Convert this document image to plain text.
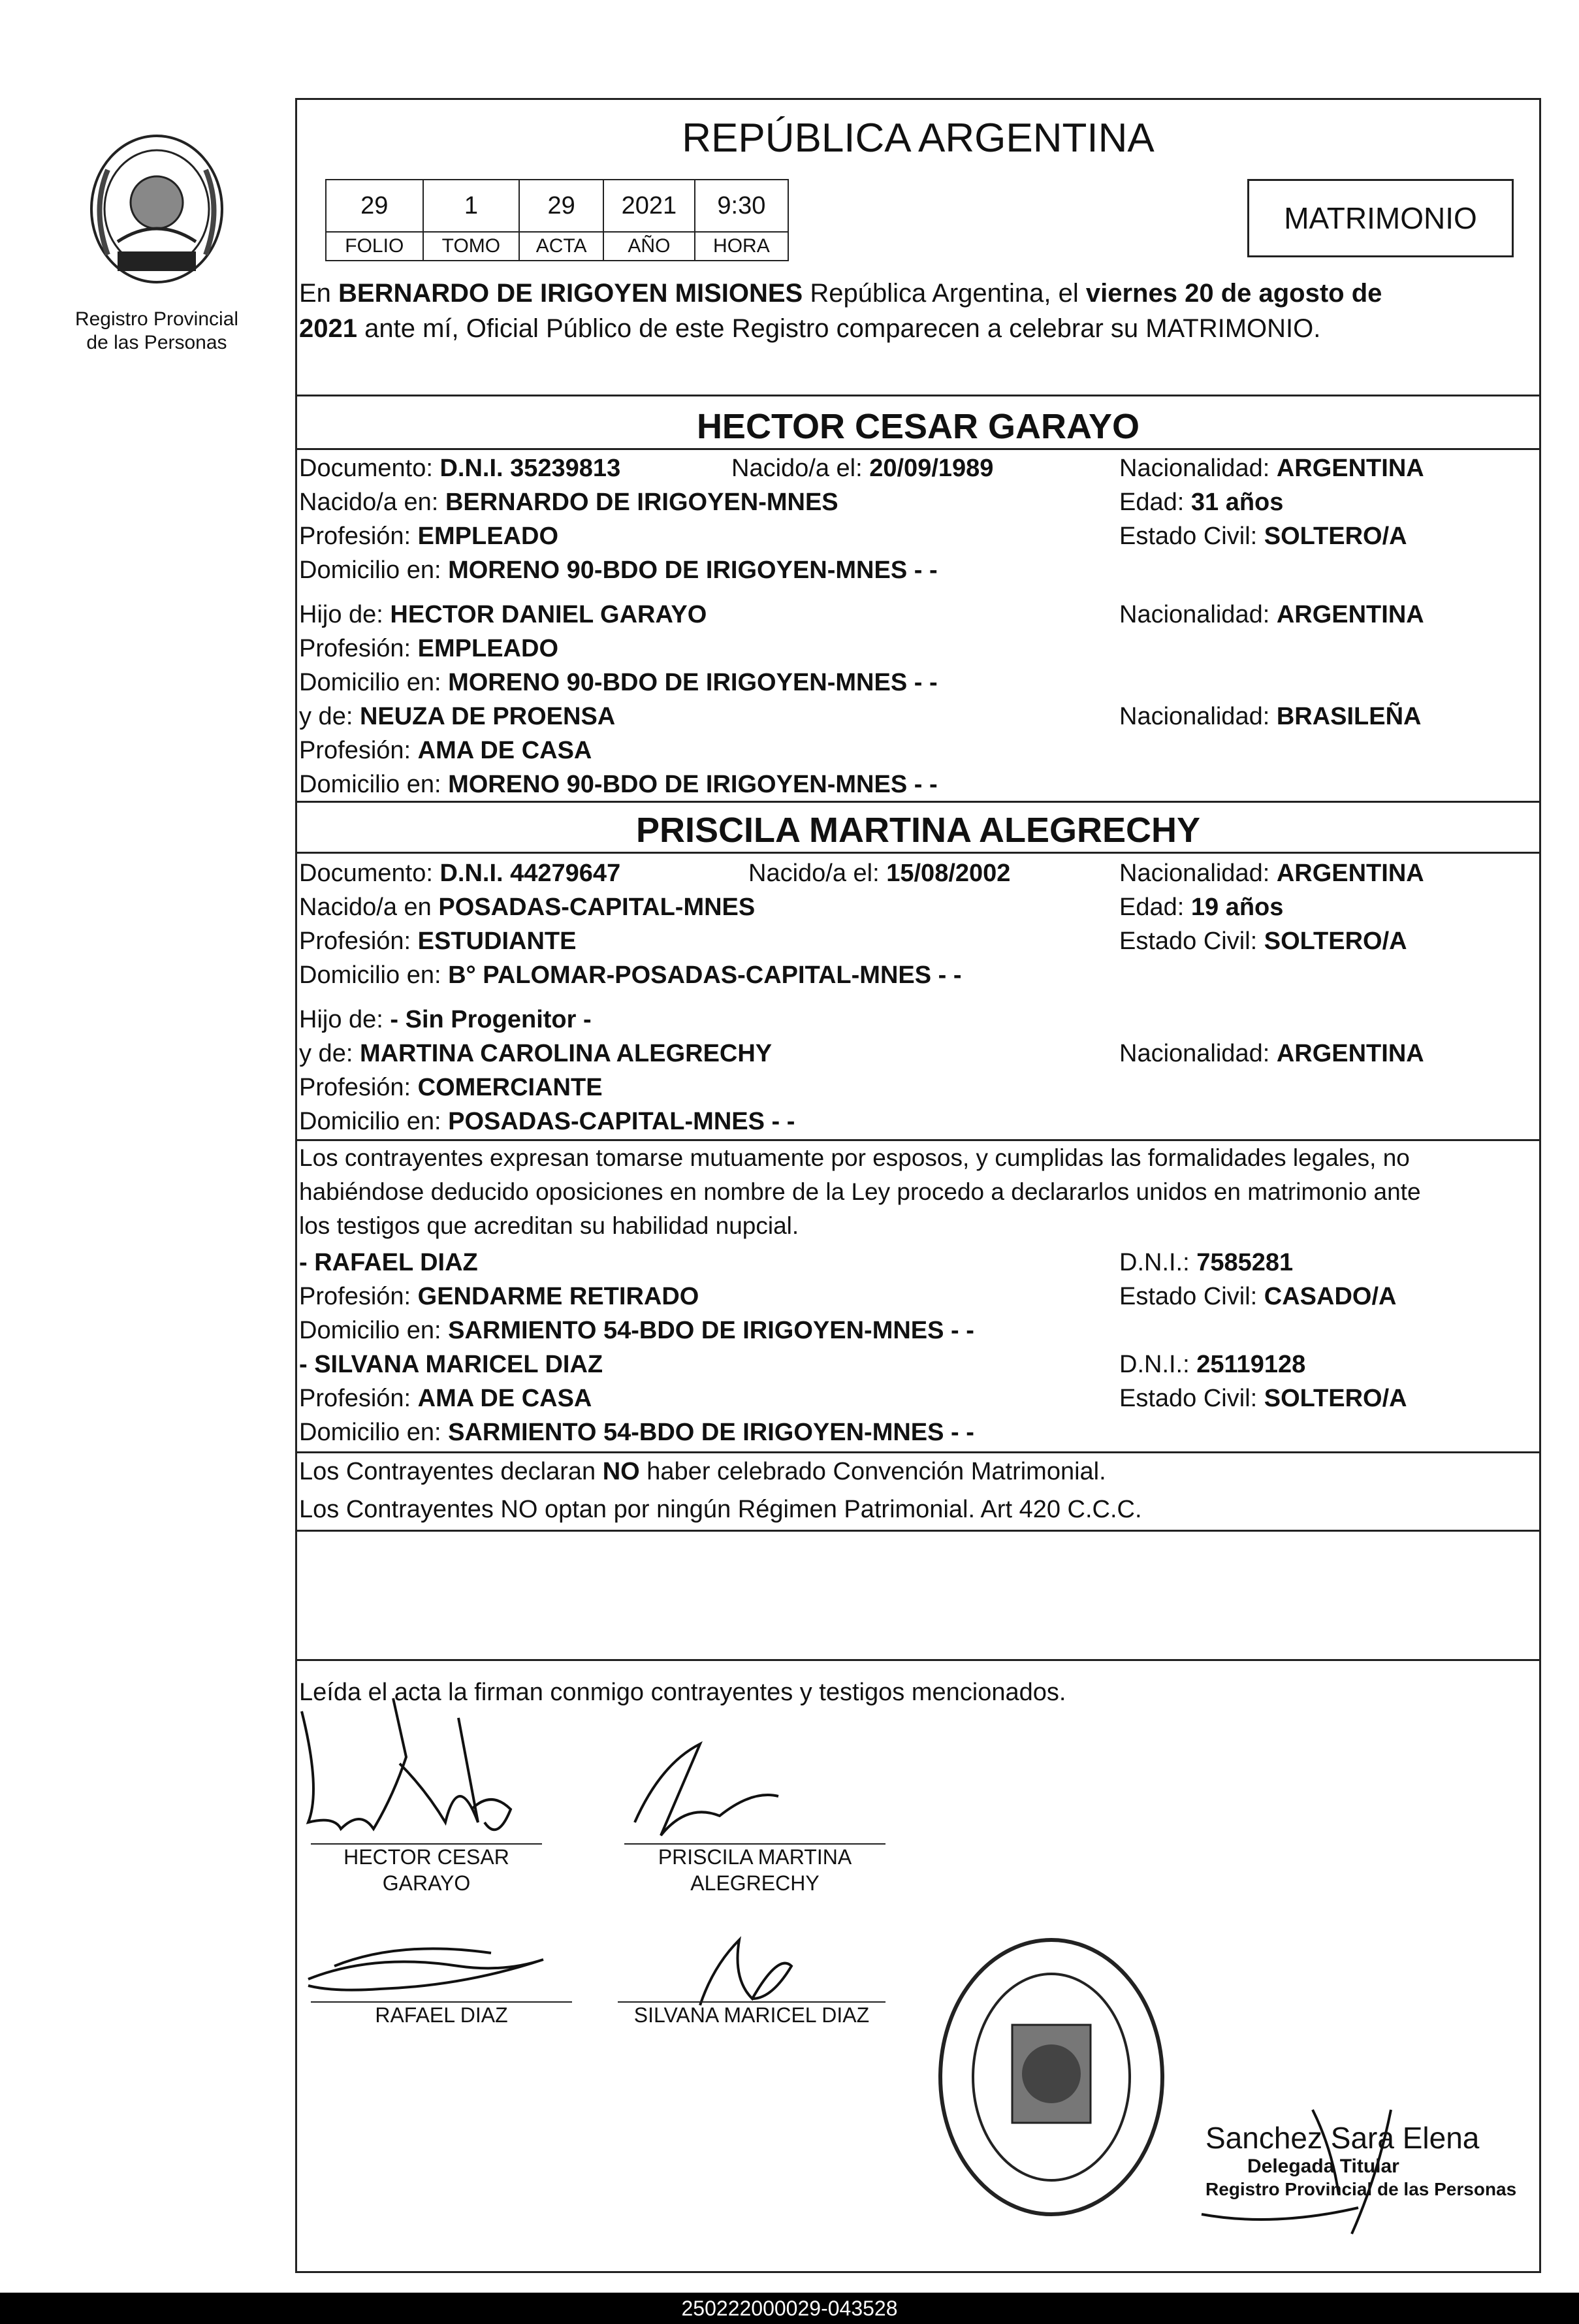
Registro Provincial
de las Personas
REPÚBLICA ARGENTINA
29	1	29	2021	9:30
FOLIO	TOMO	ACTA	AÑO	HORA
MATRIMONIO
En BERNARDO DE IRIGOYEN MISIONES República Argentina, el viernes 20 de agosto de
2021 ante mí, Oficial Público de este Registro comparecen a celebrar su MATRIMONIO.
HECTOR CESAR GARAYO
Documento: D.N.I. 35239813	Nacido/a el: 20/09/1989	Nacionalidad: ARGENTINA
Nacido/a en: BERNARDO DE IRIGOYEN-MNES	Edad: 31 años
Profesión: EMPLEADO	Estado Civil: SOLTERO/A
Domicilio en: MORENO 90-BDO DE IRIGOYEN-MNES - -
Hijo de: HECTOR DANIEL GARAYO	Nacionalidad: ARGENTINA
Profesión: EMPLEADO
Domicilio en: MORENO 90-BDO DE IRIGOYEN-MNES - -
y de: NEUZA DE PROENSA	Nacionalidad: BRASILEÑA
Profesión: AMA DE CASA
Domicilio en: MORENO 90-BDO DE IRIGOYEN-MNES - -
PRISCILA MARTINA ALEGRECHY
Documento: D.N.I. 44279647	Nacido/a el: 15/08/2002	Nacionalidad: ARGENTINA
Nacido/a en POSADAS-CAPITAL-MNES	Edad: 19 años
Profesión: ESTUDIANTE	Estado Civil: SOLTERO/A
Domicilio en: B° PALOMAR-POSADAS-CAPITAL-MNES - -
Hijo de: - Sin Progenitor -
y de: MARTINA CAROLINA ALEGRECHY	Nacionalidad: ARGENTINA
Profesión: COMERCIANTE
Domicilio en: POSADAS-CAPITAL-MNES - -
Los contrayentes expresan tomarse mutuamente por esposos, y cumplidas las formalidades legales, no
habiéndose deducido oposiciones en nombre de la Ley procedo a declararlos unidos en matrimonio ante
los testigos que acreditan su habilidad nupcial.
- RAFAEL DIAZ	D.N.I.: 7585281
Profesión: GENDARME RETIRADO	Estado Civil: CASADO/A
Domicilio en: SARMIENTO 54-BDO DE IRIGOYEN-MNES - -
- SILVANA MARICEL DIAZ	D.N.I.: 25119128
Profesión: AMA DE CASA	Estado Civil: SOLTERO/A
Domicilio en: SARMIENTO 54-BDO DE IRIGOYEN-MNES - -
Los Contrayentes declaran NO haber celebrado Convención Matrimonial.
Los Contrayentes NO optan por ningún Régimen Patrimonial. Art 420 C.C.C.
Leída el acta la firman conmigo contrayentes y testigos mencionados.
HECTOR CESAR
GARAYO
PRISCILA MARTINA
ALEGRECHY
RAFAEL DIAZ	SILVANA MARICEL DIAZ
Sanchez Sara Elena
Delegada Titular
Registro Provincial de las Personas
250222000029-043528
